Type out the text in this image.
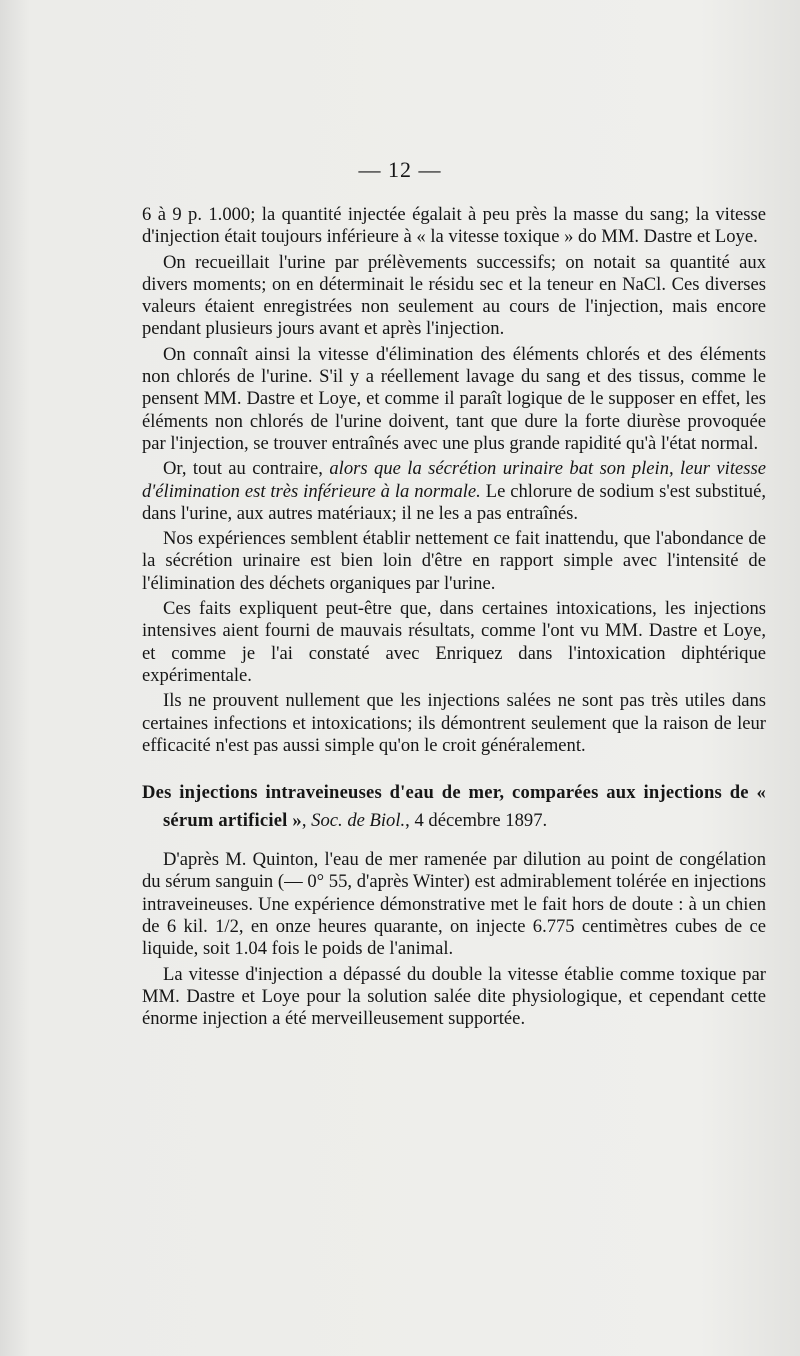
— 12 —

6 à 9 p. 1.000; la quantité injectée égalait à peu près la masse du sang; la vitesse d'injection était toujours inférieure à « la vitesse toxique » do MM. Dastre et Loye.

On recueillait l'urine par prélèvements successifs; on notait sa quantité aux divers moments; on en déterminait le résidu sec et la teneur en NaCl. Ces diverses valeurs étaient enregistrées non seulement au cours de l'injection, mais encore pendant plusieurs jours avant et après l'injection.

On connaît ainsi la vitesse d'élimination des éléments chlorés et des éléments non chlorés de l'urine. S'il y a réellement lavage du sang et des tissus, comme le pensent MM. Dastre et Loye, et comme il paraît logique de le supposer en effet, les éléments non chlorés de l'urine doivent, tant que dure la forte diurèse provoquée par l'injection, se trouver entraînés avec une plus grande rapidité qu'à l'état normal.

Or, tout au contraire, alors que la sécrétion urinaire bat son plein, leur vitesse d'élimination est très inférieure à la normale. Le chlorure de sodium s'est substitué, dans l'urine, aux autres matériaux; il ne les a pas entraînés.

Nos expériences semblent établir nettement ce fait inattendu, que l'abondance de la sécrétion urinaire est bien loin d'être en rapport simple avec l'intensité de l'élimination des déchets organiques par l'urine.

Ces faits expliquent peut-être que, dans certaines intoxications, les injections intensives aient fourni de mauvais résultats, comme l'ont vu MM. Dastre et Loye, et comme je l'ai constaté avec Enriquez dans l'intoxication diphtérique expérimentale.

Ils ne prouvent nullement que les injections salées ne sont pas très utiles dans certaines infections et intoxications; ils démontrent seulement que la raison de leur efficacité n'est pas aussi simple qu'on le croit généralement.

Des injections intraveineuses d'eau de mer, comparées aux injections de « sérum artificiel », Soc. de Biol., 4 décembre 1897.

D'après M. Quinton, l'eau de mer ramenée par dilution au point de congélation du sérum sanguin (— 0° 55, d'après Winter) est admirablement tolérée en injections intraveineuses. Une expérience démonstrative met le fait hors de doute : à un chien de 6 kil. 1/2, en onze heures quarante, on injecte 6.775 centimètres cubes de ce liquide, soit 1.04 fois le poids de l'animal.

La vitesse d'injection a dépassé du double la vitesse établie comme toxique par MM. Dastre et Loye pour la solution salée dite physiologique, et cependant cette énorme injection a été merveilleusement supportée.
